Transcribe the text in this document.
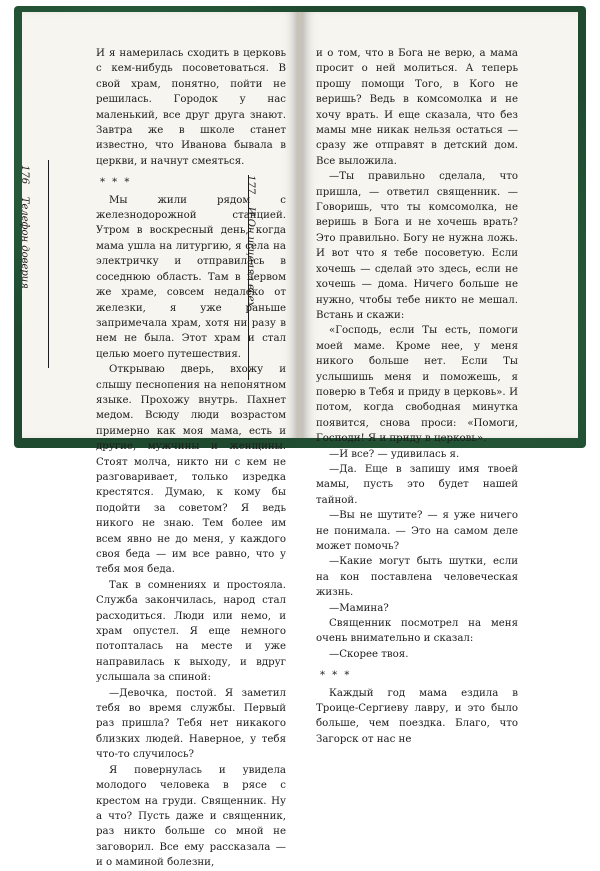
И я намерилась сходить в церковь с кем-нибудь посоветоваться. В свой храм, понятно, пойти не решилась. Городок у нас маленький, все друг друга знают. Завтра же в школе станет известно, что Иванова бывала в церкви, и начнут смеяться.

* * *

Мы жили рядом с железнодорожной станцией. Утром в воскресный день, когда мама ушла на литургию, я села на электричку и отправилась в соседнюю область. Там в первом же храме, совсем недалеко от железки, я уже раньше запримечала храм, хотя ни разу в нем не была. Этот храм и стал целью моего путешествия.

Открываю дверь, вхожу и слышу песнопения на непонятном языке. Прохожу внутрь. Пахнет медом. Всюду люди возрастом примерно как моя мама, есть и другие, мужчины и женщины. Стоят молча, никто ни с кем не разговаривает, только изредка крестятся. Думаю, к кому бы подойти за советом? Я ведь никого не знаю. Тем более им всем явно не до меня, у каждого своя беда — им все равно, что у тебя моя беда.

Так в сомнениях и простояла. Служба закончилась, народ стал расходиться. Люди или немо, и храм опустел. Я еще немного потопталась на месте и уже направилась к выходу, и вдруг услышала за спиной:

—Девочка, постой. Я заметил тебя во время службы. Первый раз пришла? Тебя нет никакого близких людей. Наверное, у тебя что-то случилось?

Я повернулась и увидела молодого человека в рясе с крестом на груди. Священник. Ну а что? Пусть даже и священник, раз никто больше со мной не заговорил. Все ему рассказала — и о маминой болезни,

и о том, что в Бога не верю, а мама просит о ней молиться. А теперь прошу помощи Того, в Кого не веришь? Ведь в комсомолка и не хочу врать. И еще сказала, что без мамы мне никак нельзя остаться — сразу же отправят в детский дом. Все выложила.

—Ты правильно сделала, что пришла, — ответил священник. — Говоришь, что ты комсомолка, не веришь в Бога и не хочешь врать? Это правильно. Богу не нужна ложь. И вот что я тебе посоветую. Если хочешь — сделай это здесь, если не хочешь — дома. Ничего больше не нужно, чтобы тебе никто не мешал. Встань и скажи:

«Господь, если Ты есть, помоги моей маме. Кроме нее, у меня никого больше нет. Если Ты услышишь меня и поможешь, я поверю в Тебя и приду в церковь». И потом, когда свободная минутка появится, снова проси: «Помоги, Господи! Я и приду в церковь».

—И все? — удивилась я.

—Да. Еще в запишу имя твоей мамы, пусть это будет нашей тайной.

—Вы не шутите? — я уже ничего не понимала. — Это на самом деле может помочь?

—Какие могут быть шутки, если на кон поставлена человеческая жизнь.

—Мамина?

Священник посмотрел на меня очень внимательно и сказал:

—Скорее твоя.

* * *

Каждый год мама ездила в Троице-Сергиеву лавру, и это было больше, чем поездка. Благо, что Загорск от нас не

176    Телефон доверия
177    И Он исцелял всех
